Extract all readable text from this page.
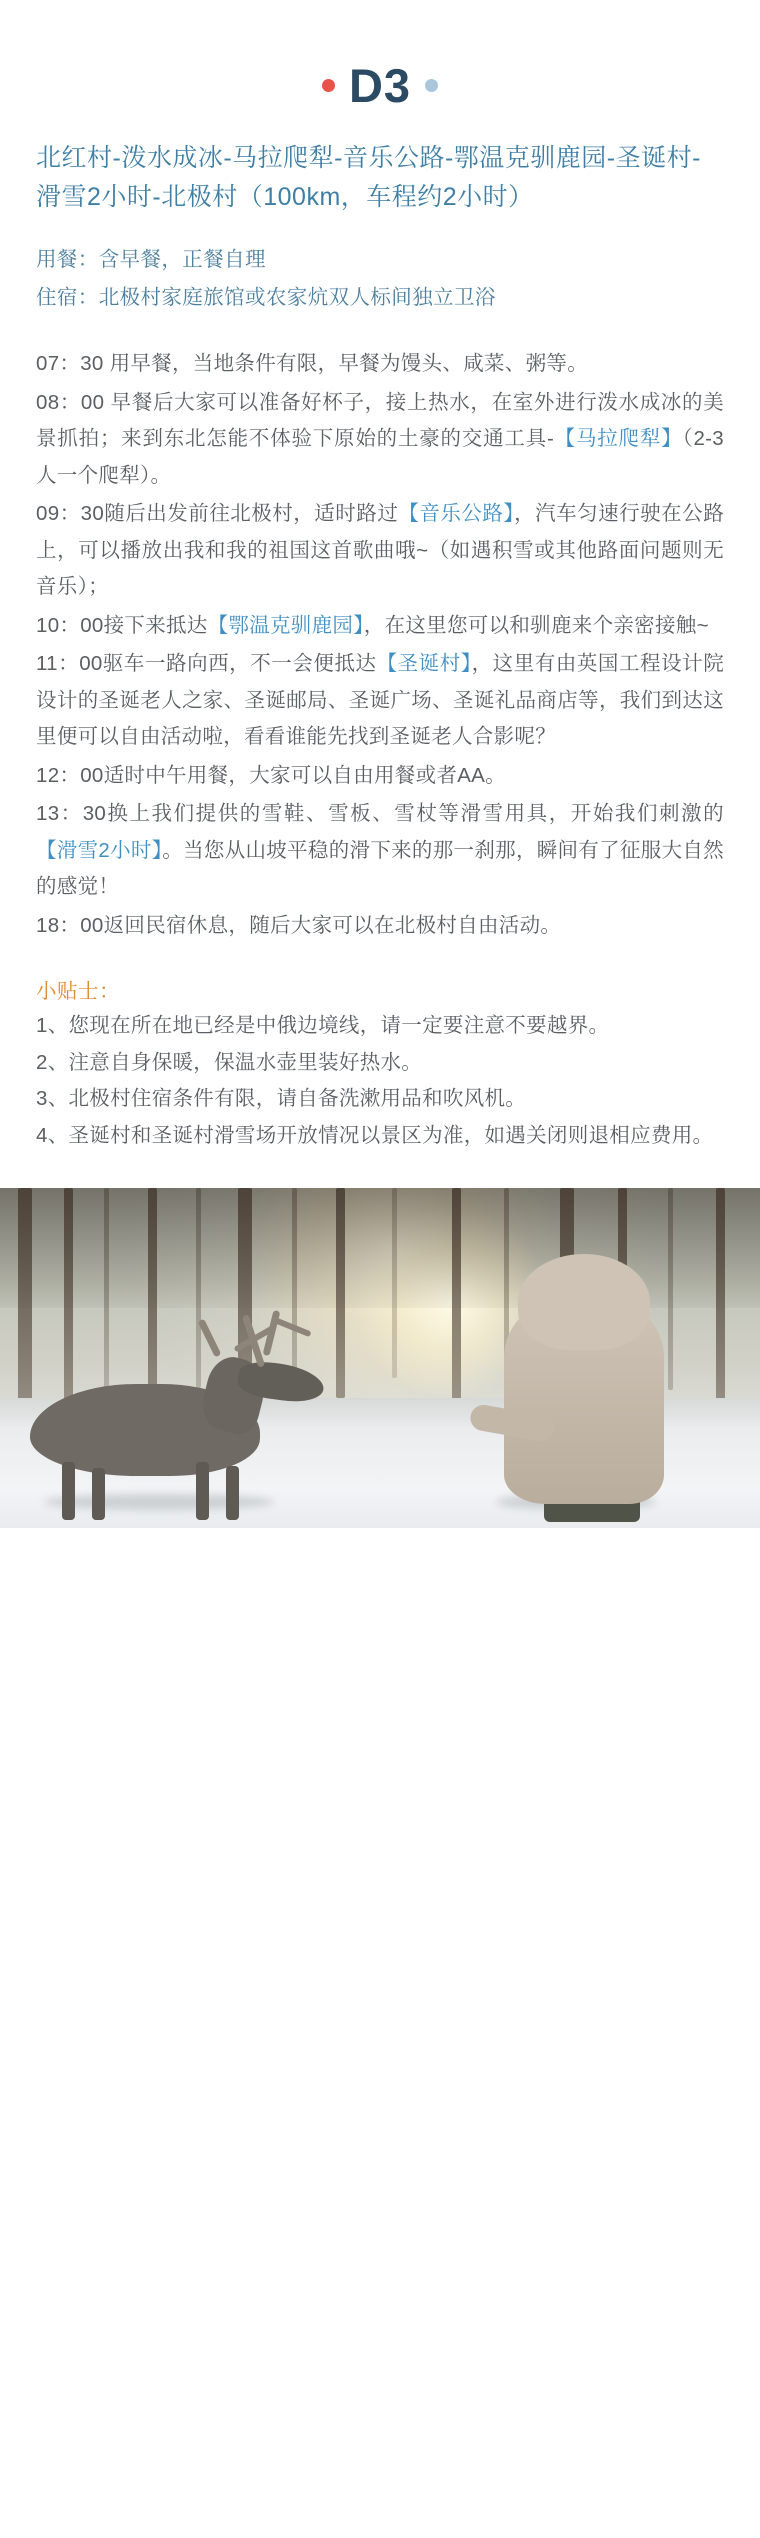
D3
北红村-泼水成冰-马拉爬犁-音乐公路-鄂温克驯鹿园-圣诞村-滑雪2小时-北极村（100km，车程约2小时）
用餐：含早餐，正餐自理
住宿：北极村家庭旅馆或农家炕双人标间独立卫浴
07：30 用早餐，当地条件有限，早餐为馒头、咸菜、粥等。
08：00 早餐后大家可以准备好杯子，接上热水，在室外进行泼水成冰的美景抓拍；来到东北怎能不体验下原始的土豪的交通工具-【马拉爬犁】（2-3人一个爬犁）。
09：30随后出发前往北极村，适时路过【音乐公路】，汽车匀速行驶在公路上，可以播放出我和我的祖国这首歌曲哦~（如遇积雪或其他路面问题则无音乐）；
10：00接下来抵达【鄂温克驯鹿园】，在这里您可以和驯鹿来个亲密接触~
11：00驱车一路向西，不一会便抵达【圣诞村】，这里有由英国工程设计院设计的圣诞老人之家、圣诞邮局、圣诞广场、圣诞礼品商店等，我们到达这里便可以自由活动啦，看看谁能先找到圣诞老人合影呢？
12：00适时中午用餐，大家可以自由用餐或者AA。
13：30换上我们提供的雪鞋、雪板、雪杖等滑雪用具，开始我们刺激的【滑雪2小时】。当您从山坡平稳的滑下来的那一刹那，瞬间有了征服大自然的感觉！
18：00返回民宿休息，随后大家可以在北极村自由活动。
小贴士：
1、您现在所在地已经是中俄边境线，请一定要注意不要越界。
2、注意自身保暖，保温水壶里装好热水。
3、北极村住宿条件有限，请自备洗漱用品和吹风机。
4、圣诞村和圣诞村滑雪场开放情况以景区为准，如遇关闭则退相应费用。
